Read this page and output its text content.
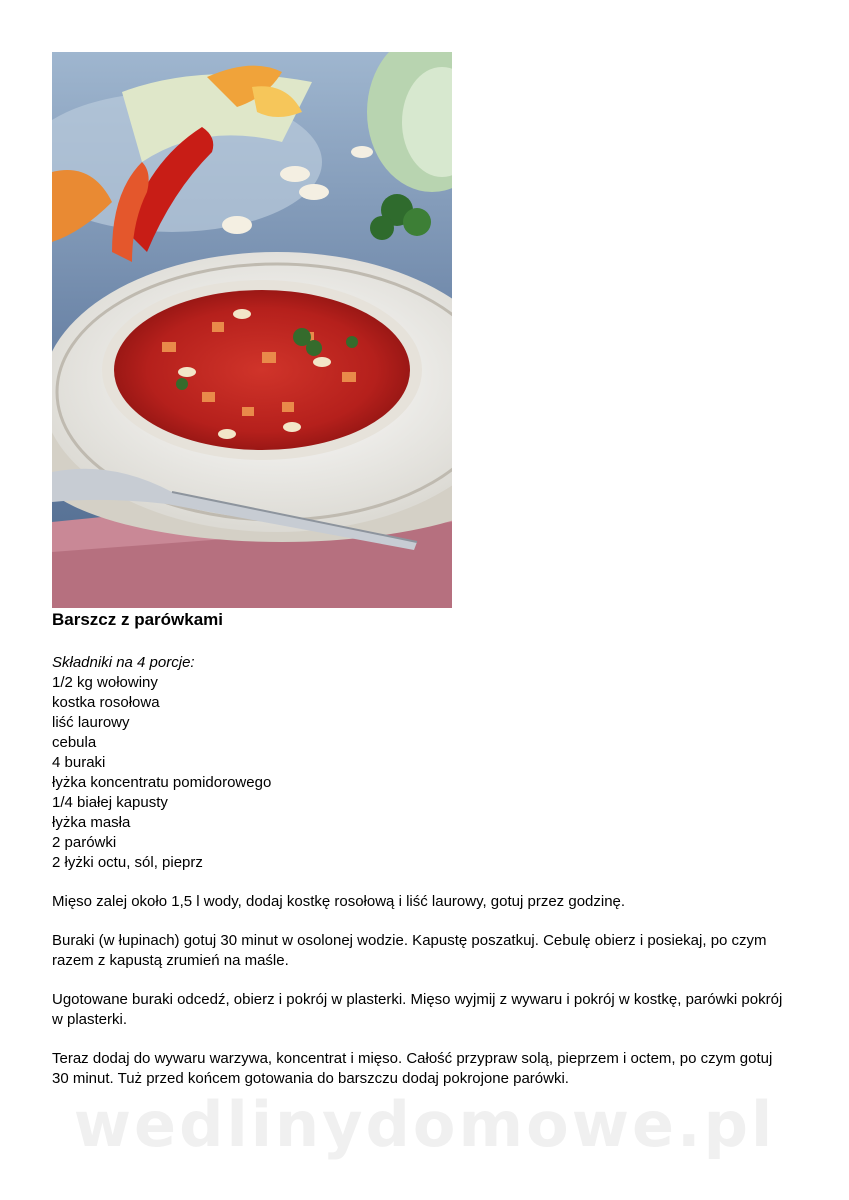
Barszcz z parówkami
Składniki na 4 porcje:
1/2 kg wołowiny
kostka rosołowa
liść laurowy
cebula
4 buraki
łyżka koncentratu pomidorowego
1/4 białej kapusty
łyżka masła
2 parówki
2 łyżki octu, sól, pieprz

Mięso zalej około 1,5 l wody, dodaj kostkę rosołową i liść laurowy, gotuj przez godzinę.

Buraki (w łupinach) gotuj 30 minut w osolonej wodzie. Kapustę poszatkuj. Cebulę obierz i posiekaj, po czym razem z kapustą zrumień na maśle.

Ugotowane buraki odcedź, obierz i pokrój w plasterki. Mięso wyjmij z wywaru i pokrój w kostkę, parówki pokrój w plasterki.

Teraz dodaj do wywaru warzywa, koncentrat i mięso. Całość przypraw solą, pieprzem i octem, po czym gotuj 30 minut. Tuż przed końcem gotowania do barszczu dodaj pokrojone parówki.

wedlinydomowe.pl
